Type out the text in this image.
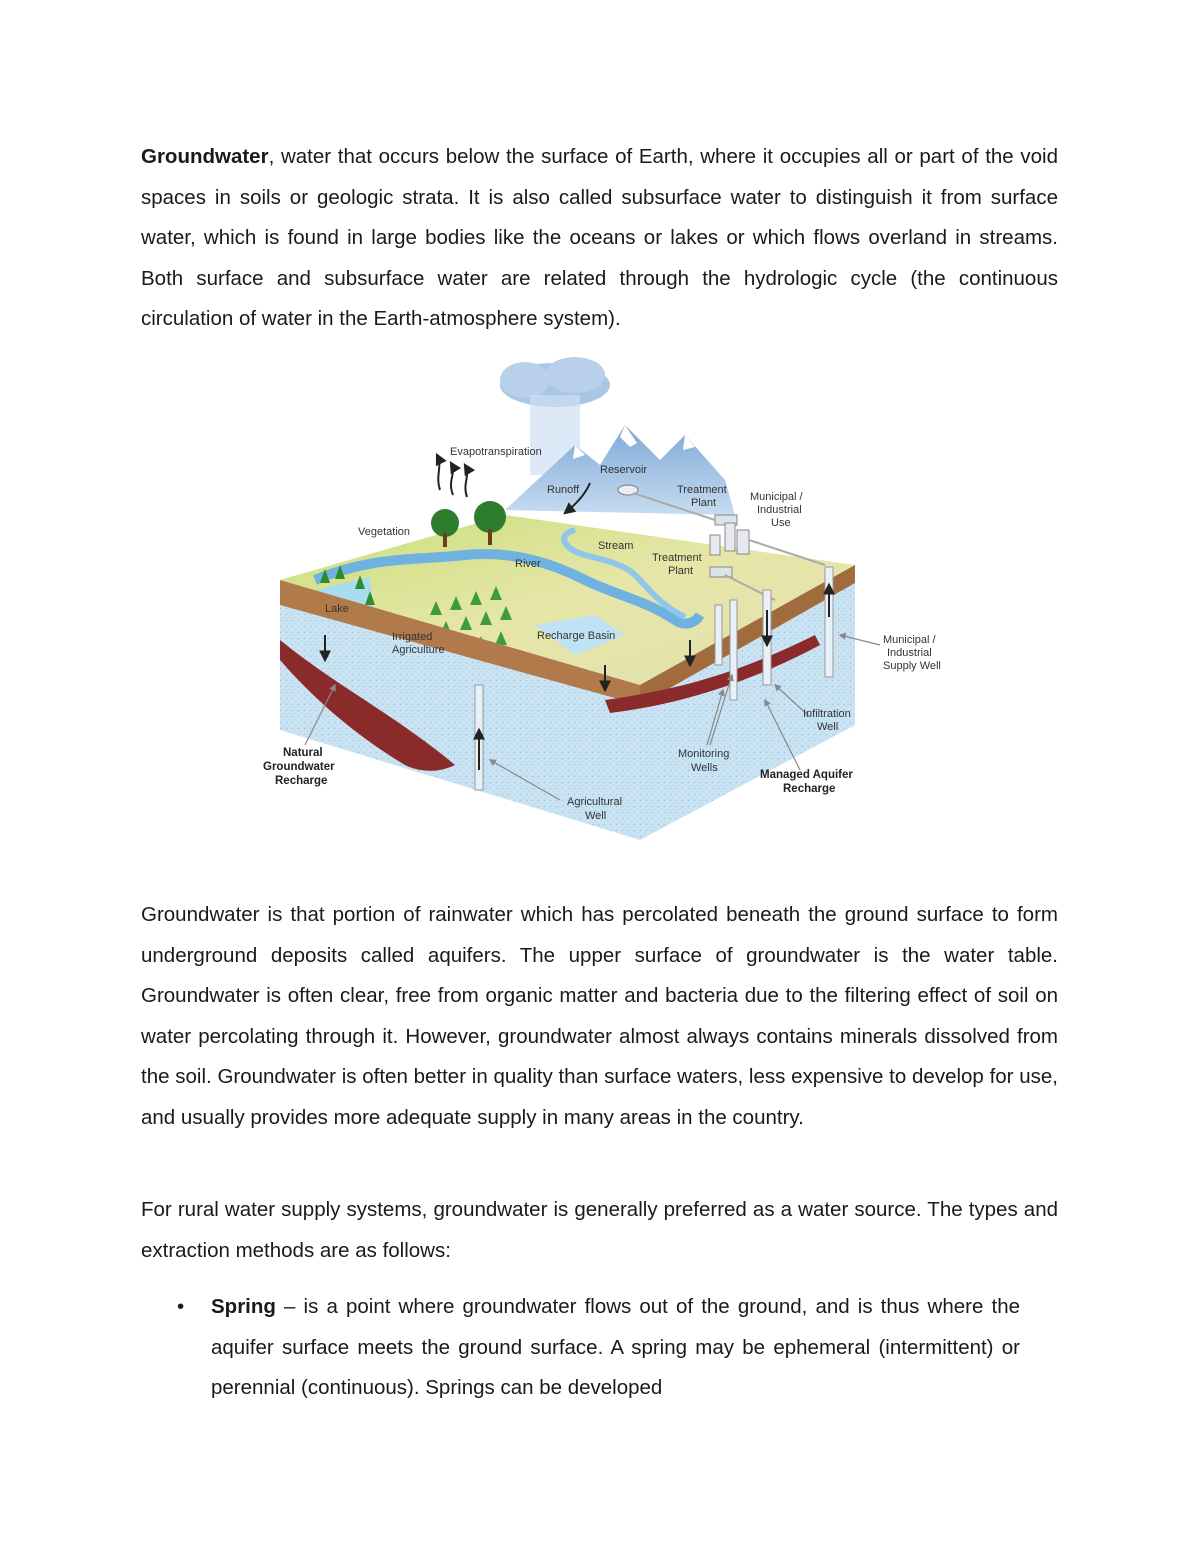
Groundwater, water that occurs below the surface of Earth, where it occupies all or part of the void spaces in soils or geologic strata. It is also called subsurface water to distinguish it from surface water, which is found in large bodies like the oceans or lakes or which flows overland in streams. Both surface and subsurface water are related through the hydrologic cycle (the continuous circulation of water in the Earth-atmosphere system).

Evapotranspiration
Reservoir
Runoff	Treatment Plant	Municipal / Industrial Use
Vegetation
Stream
River	Treatment Plant
Lake
Irrigated Agriculture
Recharge Basin	Municipal / Industrial Supply Well
Infiltration Well
Natural Groundwater Recharge
Monitoring Wells
Managed Aquifer Recharge
Agricultural Well

Groundwater is that portion of rainwater which has percolated beneath the ground surface to form underground deposits called aquifers. The upper surface of groundwater is the water table. Groundwater is often clear, free from organic matter and bacteria due to the filtering effect of soil on water percolating through it. However, groundwater almost always contains minerals dissolved from the soil. Groundwater is often better in quality than surface waters, less expensive to develop for use, and usually provides more adequate supply in many areas in the country.

For rural water supply systems, groundwater is generally preferred as a water source. The types and extraction methods are as follows:

• Spring – is a point where groundwater flows out of the ground, and is thus where the aquifer surface meets the ground surface. A spring may be ephemeral (intermittent) or perennial (continuous). Springs can be developed
